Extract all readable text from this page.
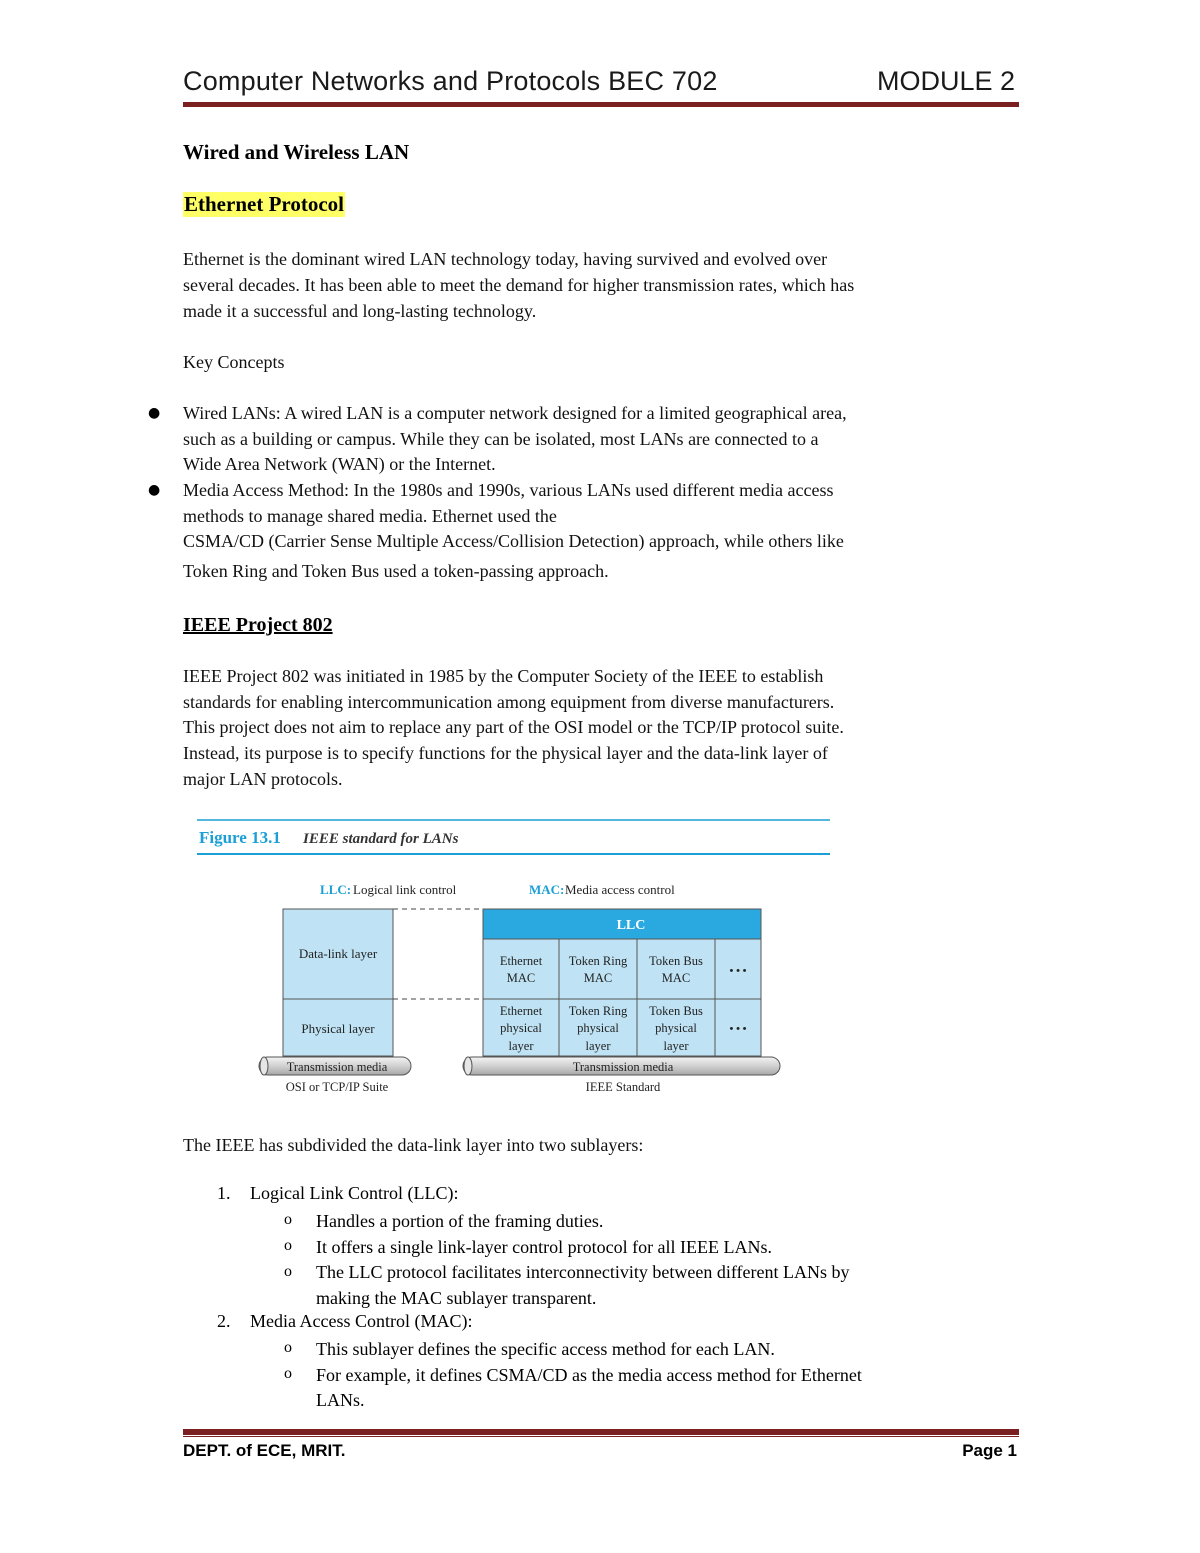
Computer Networks and Protocols BEC 702	MODULE 2
Wired and Wireless LAN
Ethernet Protocol
Ethernet is the dominant wired LAN technology today, having survived and evolved over
several decades. It has been able to meet the demand for higher transmission rates, which has
made it a successful and long-lasting technology.
Key Concepts
● Wired LANs: A wired LAN is a computer network designed for a limited geographical area,
such as a building or campus. While they can be isolated, most LANs are connected to a
Wide Area Network (WAN) or the Internet.
● Media Access Method: In the 1980s and 1990s, various LANs used different media access
methods to manage shared media. Ethernet used the
CSMA/CD (Carrier Sense Multiple Access/Collision Detection) approach, while others like
Token Ring and Token Bus used a token-passing approach.
IEEE Project 802
IEEE Project 802 was initiated in 1985 by the Computer Society of the IEEE to establish
standards for enabling intercommunication among equipment from diverse manufacturers.
This project does not aim to replace any part of the OSI model or the TCP/IP protocol suite.
Instead, its purpose is to specify functions for the physical layer and the data-link layer of
major LAN protocols.
Figure 13.1 IEEE standard for LANs
LLC: Logical link control	MAC: Media access control
Data-link layer
Physical layer
LLC
Ethernet
MAC
Token Ring
MAC
Token Bus
MAC	• • •
Ethernet
physical
layer
Token Ring
physical
layer
Token Bus
physical
layer
• • •
Transmission media
OSI or TCP/IP Suite
Transmission media
IEEE Standard
The IEEE has subdivided the data-link layer into two sublayers:
1. Logical Link Control (LLC):
o Handles a portion of the framing duties.
o It offers a single link-layer control protocol for all IEEE LANs.
o The LLC protocol facilitates interconnectivity between different LANs by
making the MAC sublayer transparent.
2. Media Access Control (MAC):
o This sublayer defines the specific access method for each LAN.
o For example, it defines CSMA/CD as the media access method for Ethernet
LANs.
DEPT. of ECE, MRIT.	Page 1
